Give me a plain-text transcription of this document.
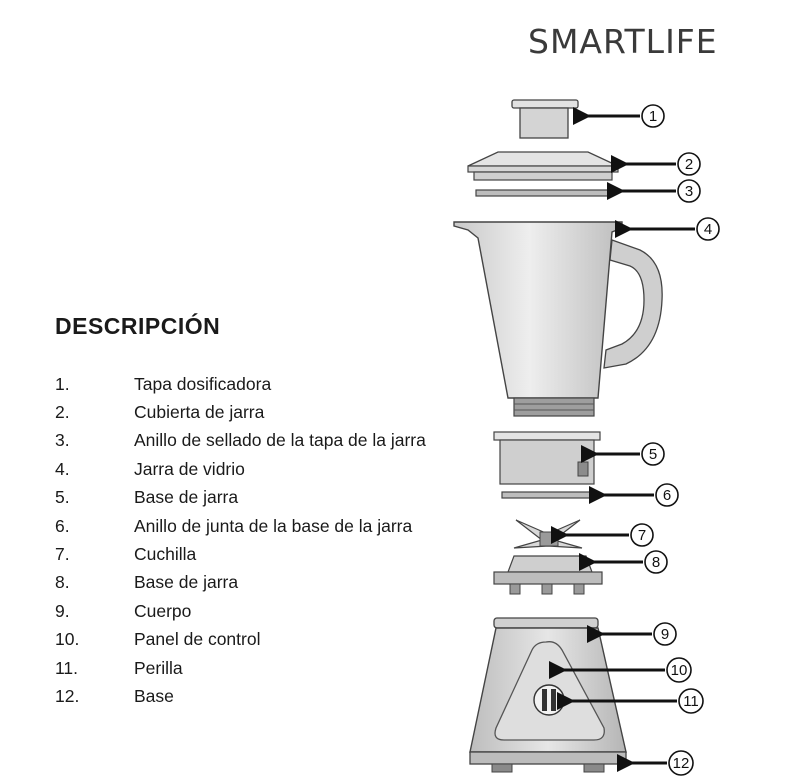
SMARTLIFE
DESCRIPCIÓN
1.	Tapa dosificadora
2.	Cubierta de jarra
3.	Anillo de sellado de la tapa de la jarra
4.	Jarra de vidrio
5.	Base de jarra
6.	Anillo de junta de la base de la jarra
7.	Cuchilla
8.	Base de jarra
9.	Cuerpo
10.	Panel de control
11.	Perilla
12.	Base
1
2
3
4
5
6
7
8
9
10
11
12
